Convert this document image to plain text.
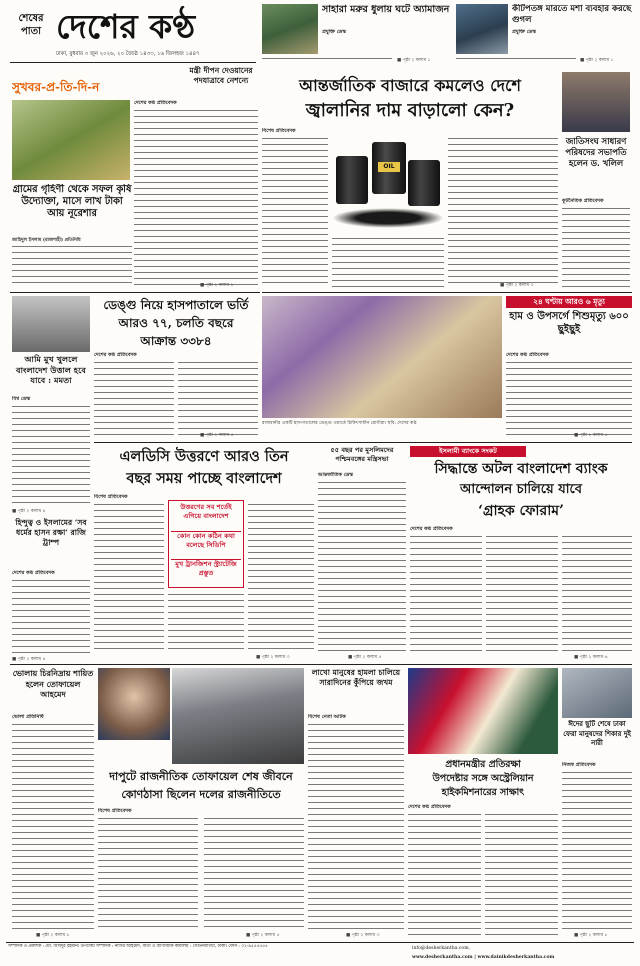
শেষের পাতা দেশের কণ্ঠ
ঢাকা, বুধবার ৩ জুন ২০২৬, ২০ জ্যৈষ্ঠ ১৪৩৩, ১৬ জিলহজ ১৪৪৭
সাহারা মরুর ধুলায় ঘটে অ্যামাজন
প্রযুক্তি ডেস্ক
■ পৃষ্ঠা ২ কলাম ১
কীটপতঙ্গ মারতে মশা ব্যবহার করছে গুগল
প্রযুক্তি ডেস্ক
■ পৃষ্ঠা ২ কলাম ১
সুখবর-প্র-তি-দি-ন
মন্ত্রী দীপন দেওয়ানের পদযাত্রাবে নেশন্যে
দেশের কণ্ঠ প্রতিবেদক
গ্রামের গৃহিণী থেকে সফল কৃষি উদ্যোক্তা, মাসে লাখ টাকা আয় নূরেশার
জাহিদুল ইসলাম (রাজশাহী) প্রতিনিধি
■ পৃষ্ঠা ২ কলাম ১
আন্তর্জাতিক বাজারে কমলেও দেশে
জ্বালানির দাম বাড়ালো কেন?
বিশেষ প্রতিবেদক
OIL
■ পৃষ্ঠা ২ কলাম ৩
জাতিসংঘ সাধারণ পরিষদের সভাপতি হলেন ড. খলিল
কূটনৈতিক প্রতিবেদক
ডেঙ্গু নিয়ে হাসপাতালে ভর্তি
আরও ৭৭, চলতি বছরে
আক্রান্ত ৩৩৮৪
রাজধানীর একটি হাসপাতালের ডেঙ্গু ওয়ার্ডে চিকিৎসাধীন রোগীরা। ছবি: দেশের কণ্ঠ
দেশের কণ্ঠ প্রতিবেদক
■ পৃষ্ঠা ২ কলাম ৫
আমি মুখ খুললে বাংলাদেশ উত্তাল হবে যাবে : মমতা
বিশ্ব ডেস্ক
■ পৃষ্ঠা ২ কলাম ৪
২৪ ঘণ্টায় আরও ৬ মৃত্যু
হাম ও উপসর্গে শিশুমৃত্যু ৬০০ ছুইছুই
দেশের কণ্ঠ প্রতিবেদক
■ পৃষ্ঠা ২ কলাম ৫
এলডিসি উত্তরণে আরও তিন
বছর সময় পাচ্ছে বাংলাদেশ
বিশেষ প্রতিবেদক
উত্তরণের সব শর্তেই এগিয়ে বাংলাদেশ
কোন কোন কঠিন কথা বলেছে সিডিপি
মুখ ট্রানজিশন স্ট্র্যাটেজি প্রস্তুত
■ পৃষ্ঠা ২ কলাম ৩
হিন্দুত্ব ও ইসলামের ‘সব ধর্মের হাসন রক্ষা’ রাজি ট্রাম্প
দেশের কণ্ঠ প্রতিবেদক
■ পৃষ্ঠা ২ কলাম ৪
৫৫ বছর পর মুসলিমদের পশ্চিমবঙ্গের মন্ত্রিসভা
আন্তর্জাতিক ডেস্ক
■ পৃষ্ঠা ২ কলাম ৫
ইসলামী ব্যাংকে সংকট
সিদ্ধান্তে অটল বাংলাদেশ ব্যাংক
আন্দোলন চালিয়ে যাবে
‘গ্রাহক ফোরাম’
দেশের কণ্ঠ প্রতিবেদক
■ পৃষ্ঠা ২ কলাম ৬
ভোলায় চিরনিদ্রায় শায়িত হলেন তোফায়েল আহমেদ
ভোলা প্রতিনিধি
■ পৃষ্ঠা ২ কলাম ৮
দাপুটে রাজনীতিক তোফায়েল শেষ জীবনে
কোণঠাসা ছিলেন দলের রাজনীতিতে
বিশেষ প্রতিবেদক
■ পৃষ্ঠা ২ কলাম ৫
লাখো মানুষের হামলা চালিয়ে সারাদিনের কুঁপিয়ে জখম
বিশেষ নেতা আটক
■ পৃষ্ঠা ২ কলাম ৩
প্রধানমন্ত্রীর প্রতিরক্ষা
উপদেষ্টার সঙ্গে অস্ট্রেলিয়ান
হাইকমিশনারের সাক্ষাৎ
দেশের কণ্ঠ প্রতিবেদক
ঈদের ছুটি শেষে ঢাকা ফেরা মানুষদের শিকার দুই নারী
নিজস্ব প্রতিবেদক
■ পৃষ্ঠা ২ কলাম ৮
সম্পাদক ও প্রকাশক : মো. আবদুর রহমান। উপদেষ্টা সম্পাদক : নাসির আহমেদ, বার্তা ও বাণিজ্যিক কার্যালয় : সেগুনবাগিচা, ঢাকা। ফোন : ০২-৯৫৫৫৫৫৫	info@desherkantha.com,
www.desherkantha.com | www.dainikdesherkantha.com
